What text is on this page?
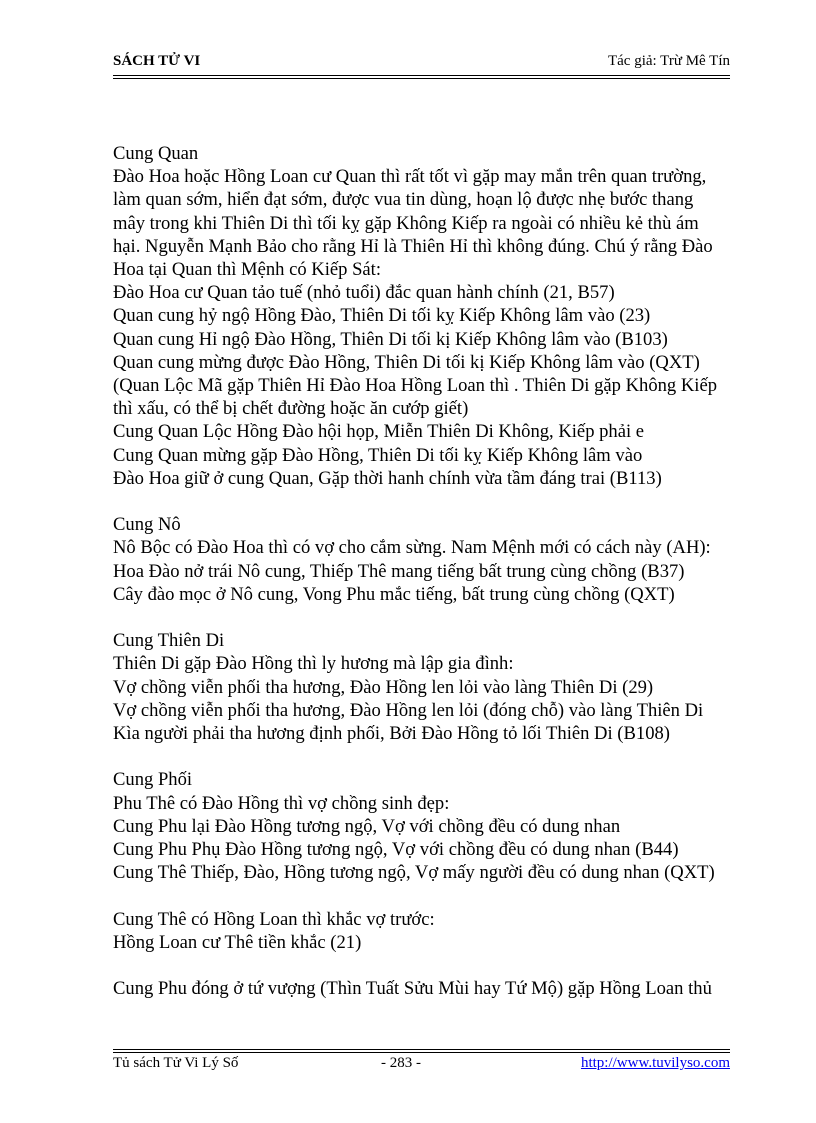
SÁCH TỬ VI	Tác giả: Trừ Mê Tín
Cung Quan
Đào Hoa hoặc Hồng Loan cư Quan thì rất tốt vì gặp may mắn trên quan trường,
làm quan sớm, hiển đạt sớm, được vua tin dùng, hoạn lộ được nhẹ bước thang
mây trong khi Thiên Di thì tối kỵ gặp Không Kiếp ra ngoài có nhiều kẻ thù ám
hại. Nguyễn Mạnh Bảo cho rằng Hỉ là Thiên Hỉ thì không đúng. Chú ý rằng Đào
Hoa tại Quan thì Mệnh có Kiếp Sát:
Đào Hoa cư Quan tảo tuế (nhỏ tuổi) đắc quan hành chính (21, B57)
Quan cung hỷ ngộ Hồng Đào, Thiên Di tối kỵ Kiếp Không lâm vào (23)
Quan cung Hỉ ngộ Đào Hồng, Thiên Di tối kị Kiếp Không lâm vào (B103)
Quan cung mừng được Đào Hồng, Thiên Di tối kị Kiếp Không lâm vào (QXT)
(Quan Lộc Mã gặp Thiên Hỉ Đào Hoa Hồng Loan thì . Thiên Di gặp Không Kiếp
thì xấu, có thể bị chết đường hoặc ăn cướp giết)
Cung Quan Lộc Hồng Đào hội họp, Miễn Thiên Di Không, Kiếp phải e
Cung Quan mừng gặp Đào Hồng, Thiên Di tối kỵ Kiếp Không lâm vào
Đào Hoa giữ ở cung Quan, Gặp thời hanh chính vừa tầm đáng trai (B113)
Cung Nô
Nô Bộc có Đào Hoa thì có vợ cho cắm sừng. Nam Mệnh mới có cách này (AH):
Hoa Đào nở trái Nô cung, Thiếp Thê mang tiếng bất trung cùng chồng (B37)
Cây đào mọc ở Nô cung, Vong Phu mắc tiếng, bất trung cùng chồng (QXT)
Cung Thiên Di
Thiên Di gặp Đào Hồng thì ly hương mà lập gia đình:
Vợ chồng viễn phối tha hương, Đào Hồng len lỏi vào làng Thiên Di (29)
Vợ chồng viễn phối tha hương, Đào Hồng len lỏi (đóng chỗ) vào làng Thiên Di
Kìa người phải tha hương định phối, Bởi Đào Hồng tỏ lối Thiên Di (B108)
Cung Phối
Phu Thê có Đào Hồng thì vợ chồng sinh đẹp:
Cung Phu lại Đào Hồng tương ngộ, Vợ với chồng đều có dung nhan
Cung Phu Phụ Đào Hồng tương ngộ, Vợ với chồng đều có dung nhan (B44)
Cung Thê Thiếp, Đào, Hồng tương ngộ, Vợ mấy người đều có dung nhan (QXT)
Cung Thê có Hồng Loan thì khắc vợ trước:
Hồng Loan cư Thê tiền khắc (21)
Cung Phu đóng ở tứ vượng (Thìn Tuất Sửu Mùi hay Tứ Mộ) gặp Hồng Loan thủ
Tủ sách Tử Vi Lý Số	- 283 -	http://www.tuvilyso.com
